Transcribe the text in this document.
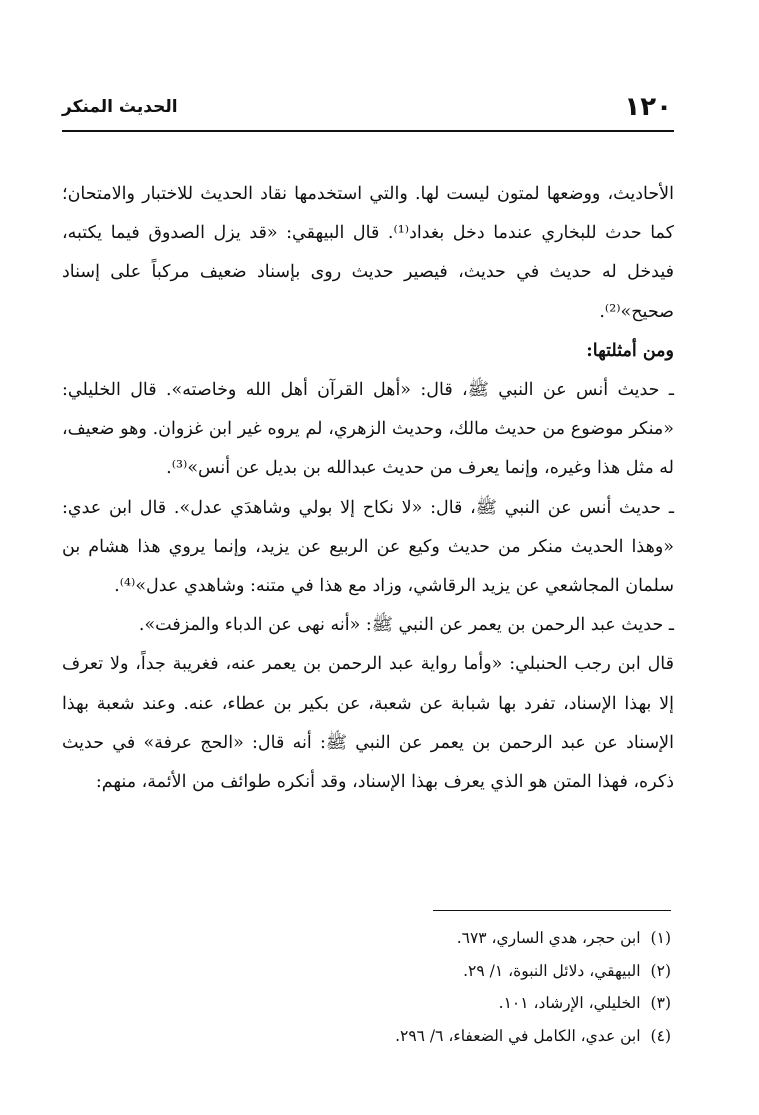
١٢٠
الحديث المنكر

الأحاديث، ووضعها لمتون ليست لها. والتي استخدمها نقاد الحديث للاختبار والامتحان؛ كما حدث للبخاري عندما دخل بغداد⁽¹⁾. قال البيهقي: «قد يزل الصدوق فيما يكتبه، فيدخل له حديث في حديث، فيصير حديث روى بإسناد ضعيف مركباً على إسناد صحيح»⁽²⁾.

ومن أمثلتها:

ـ حديث أنس عن النبي ﷺ، قال: «أهل القرآن أهل الله وخاصته». قال الخليلي: «منكر موضوع من حديث مالك، وحديث الزهري، لم يروه غير ابن غزوان. وهو ضعيف، له مثل هذا وغيره، وإنما يعرف من حديث عبدالله بن بديل عن أنس»⁽³⁾.

ـ حديث أنس عن النبي ﷺ، قال: «لا نكاح إلا بولي وشاهدَي عدل». قال ابن عدي: «وهذا الحديث منكر من حديث وكيع عن الربيع عن يزيد، وإنما يروي هذا هشام بن سلمان المجاشعي عن يزيد الرقاشي، وزاد مع هذا في متنه: وشاهدي عدل»⁽⁴⁾.

ـ حديث عبد الرحمن بن يعمر عن النبي ﷺ: «أنه نهى عن الدباء والمزفت».

قال ابن رجب الحنبلي: «وأما رواية عبد الرحمن بن يعمر عنه، فغريبة جداً، ولا تعرف إلا بهذا الإسناد، تفرد بها شبابة عن شعبة، عن بكير بن عطاء، عنه. وعند شعبة بهذا الإسناد عن عبد الرحمن بن يعمر عن النبي ﷺ: أنه قال: «الحج عرفة» في حديث ذكره، فهذا المتن هو الذي يعرف بهذا الإسناد، وقد أنكره طوائف من الأئمة، منهم:

(١)ابن حجر، هدي الساري، ٦٧٣.
(٢)البيهقي، دلائل النبوة، ١/ ٢٩.
(٣)الخليلي، الإرشاد، ١٠١.
(٤)ابن عدي، الكامل في الضعفاء، ٦/ ٢٩٦.
